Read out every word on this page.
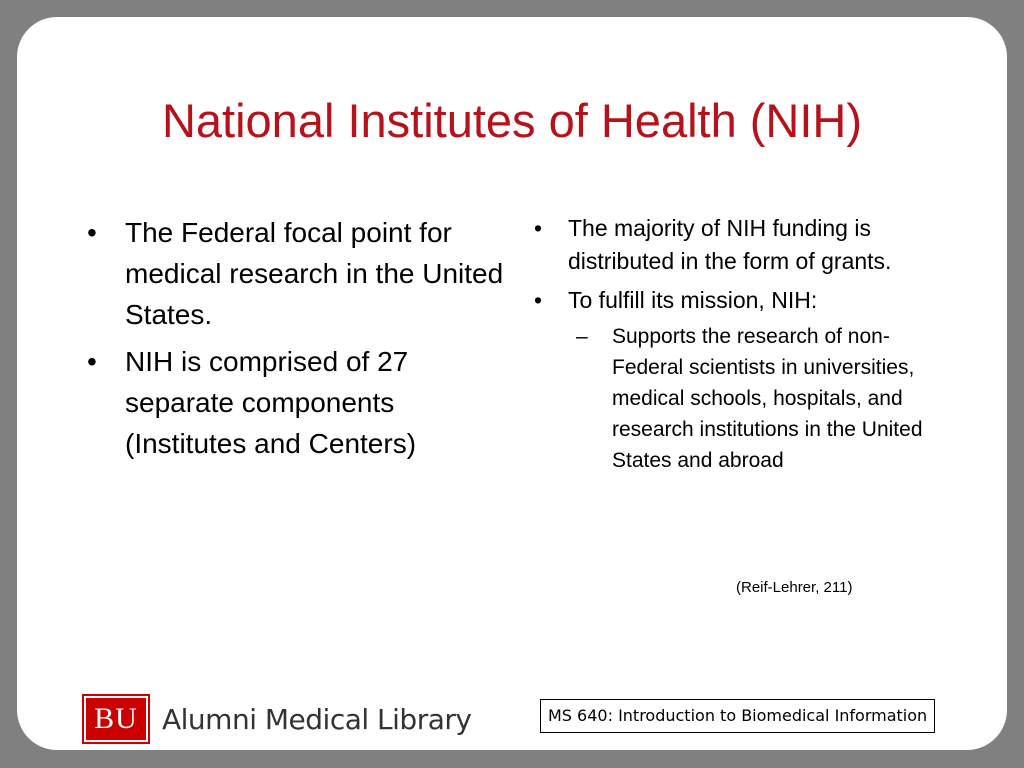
National Institutes of Health (NIH)
• The Federal focal point for medical research in the United States.
• NIH is comprised of 27 separate components (Institutes and Centers)
• The majority of NIH funding is distributed in the form of grants.
• To fulfill its mission, NIH:
– Supports the research of non-Federal scientists in universities, medical schools, hospitals, and research institutions in the United States and abroad
(Reif-Lehrer, 211)
BU Alumni Medical Library	MS 640: Introduction to Biomedical Information
